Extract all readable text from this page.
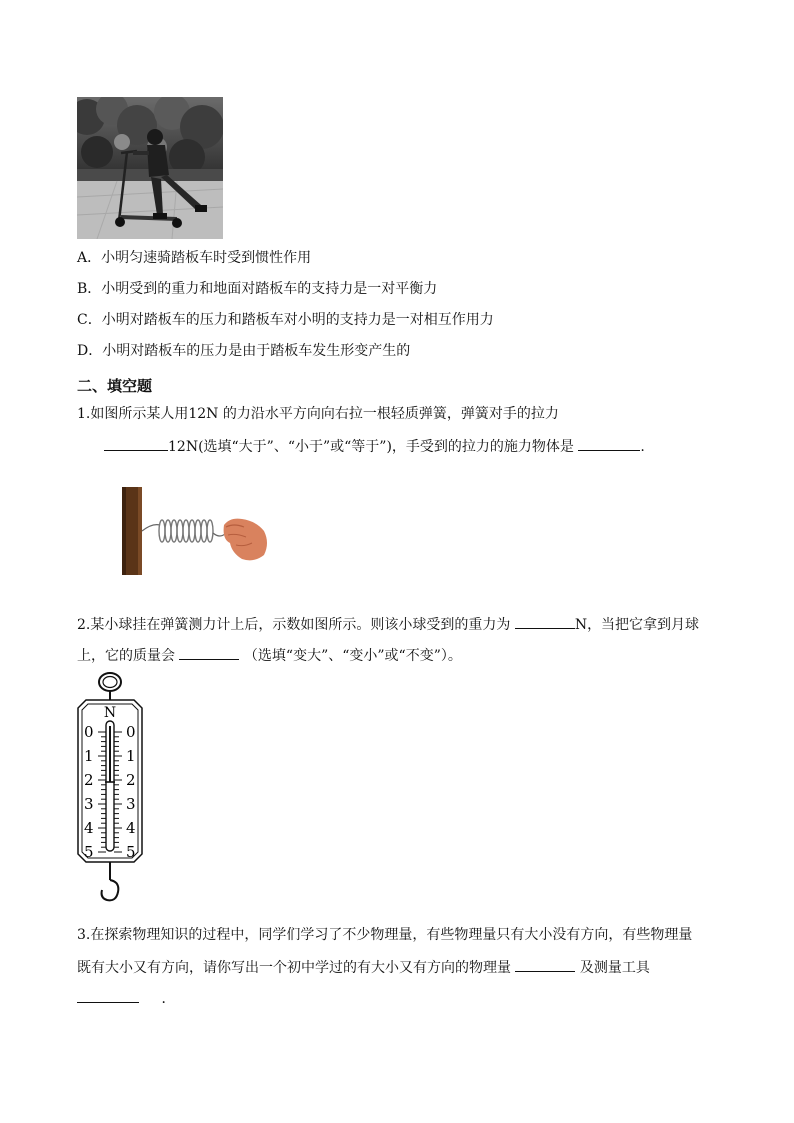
A．小明匀速骑踏板车时受到惯性作用
B．小明受到的重力和地面对踏板车的支持力是一对平衡力
C．小明对踏板车的压力和踏板车对小明的支持力是一对相互作用力
D．小明对踏板车的压力是由于踏板车发生形变产生的
二、填空题
1.如图所示某人用12N 的力沿水平方向向右拉一根轻质弹簧，弹簧对手的拉力
12N(选填“大于”、“小于”或“等于”)，手受到的拉力的施力物体是	.
2.某小球挂在弹簧测力计上后，示数如图所示。则该小球受到的重力为	N，当把它拿到月球
上，它的质量会	（选填“变大”、“变小”或“不变”）。
N
0
1
2
3
4
5
0
1
2
3
4
5
3.在探索物理知识的过程中，同学们学习了不少物理量，有些物理量只有大小没有方向，有些物理量
既有大小又有方向，请你写出一个初中学过的有大小又有方向的物理量	及测量工具
．
